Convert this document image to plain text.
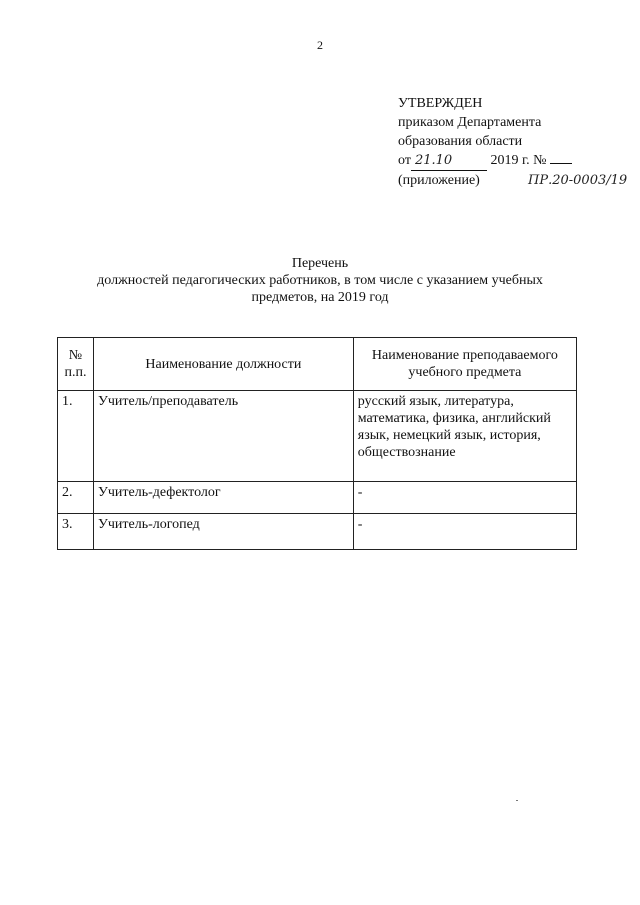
2
УТВЕРЖДЕН
приказом Департамента
образования области
от 21.10	2019 г. №
(приложение)	ПР.20-0003/19
Перечень
должностей педагогических работников, в том числе с указанием учебных
предметов, на 2019 год
№ п.п.	Наименование должности	Наименование преподаваемого учебного предмета
1.	Учитель/преподаватель	русский язык, литература, математика, физика, английский язык, немецкий язык, история, обществознание
2.	Учитель-дефектолог	-
3.	Учитель-логопед	-
